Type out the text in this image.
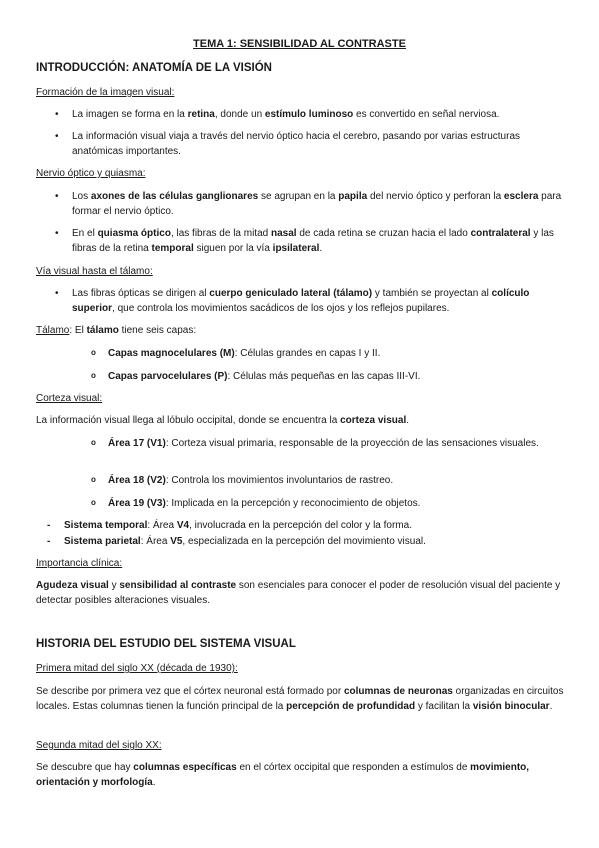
TEMA 1: SENSIBILIDAD AL CONTRASTE
INTRODUCCIÓN: ANATOMÍA DE LA VISIÓN
Formación de la imagen visual:
• La imagen se forma en la retina, donde un estímulo luminoso es convertido en señal nerviosa.
• La información visual viaja a través del nervio óptico hacia el cerebro, pasando por varias estructuras anatómicas importantes.
Nervio óptico y quiasma:
• Los axones de las células ganglionares se agrupan en la papila del nervio óptico y perforan la esclera para formar el nervio óptico.
• En el quiasma óptico, las fibras de la mitad nasal de cada retina se cruzan hacia el lado contralateral y las fibras de la retina temporal siguen por la vía ipsilateral.
Vía visual hasta el tálamo:
• Las fibras ópticas se dirigen al cuerpo geniculado lateral (tálamo) y también se proyectan al colículo superior, que controla los movimientos sacádicos de los ojos y los reflejos pupilares.
Tálamo: El tálamo tiene seis capas:
o Capas magnocelulares (M): Células grandes en capas I y II.
o Capas parvocelulares (P): Células más pequeñas en las capas III-VI.
Corteza visual:
La información visual llega al lóbulo occipital, donde se encuentra la corteza visual.
o Área 17 (V1): Corteza visual primaria, responsable de la proyección de las sensaciones visuales.
o Área 18 (V2): Controla los movimientos involuntarios de rastreo.
o Área 19 (V3): Implicada en la percepción y reconocimiento de objetos.
- Sistema temporal: Área V4, involucrada en la percepción del color y la forma.
- Sistema parietal: Área V5, especializada en la percepción del movimiento visual.
Importancia clínica:
Agudeza visual y sensibilidad al contraste son esenciales para conocer el poder de resolución visual del paciente y detectar posibles alteraciones visuales.
HISTORIA DEL ESTUDIO DEL SISTEMA VISUAL
Primera mitad del siglo XX (década de 1930):
Se describe por primera vez que el córtex neuronal está formado por columnas de neuronas organizadas en circuitos locales. Estas columnas tienen la función principal de la percepción de profundidad y facilitan la visión binocular.
Segunda mitad del siglo XX:
Se descubre que hay columnas específicas en el córtex occipital que responden a estímulos de movimiento, orientación y morfología.
